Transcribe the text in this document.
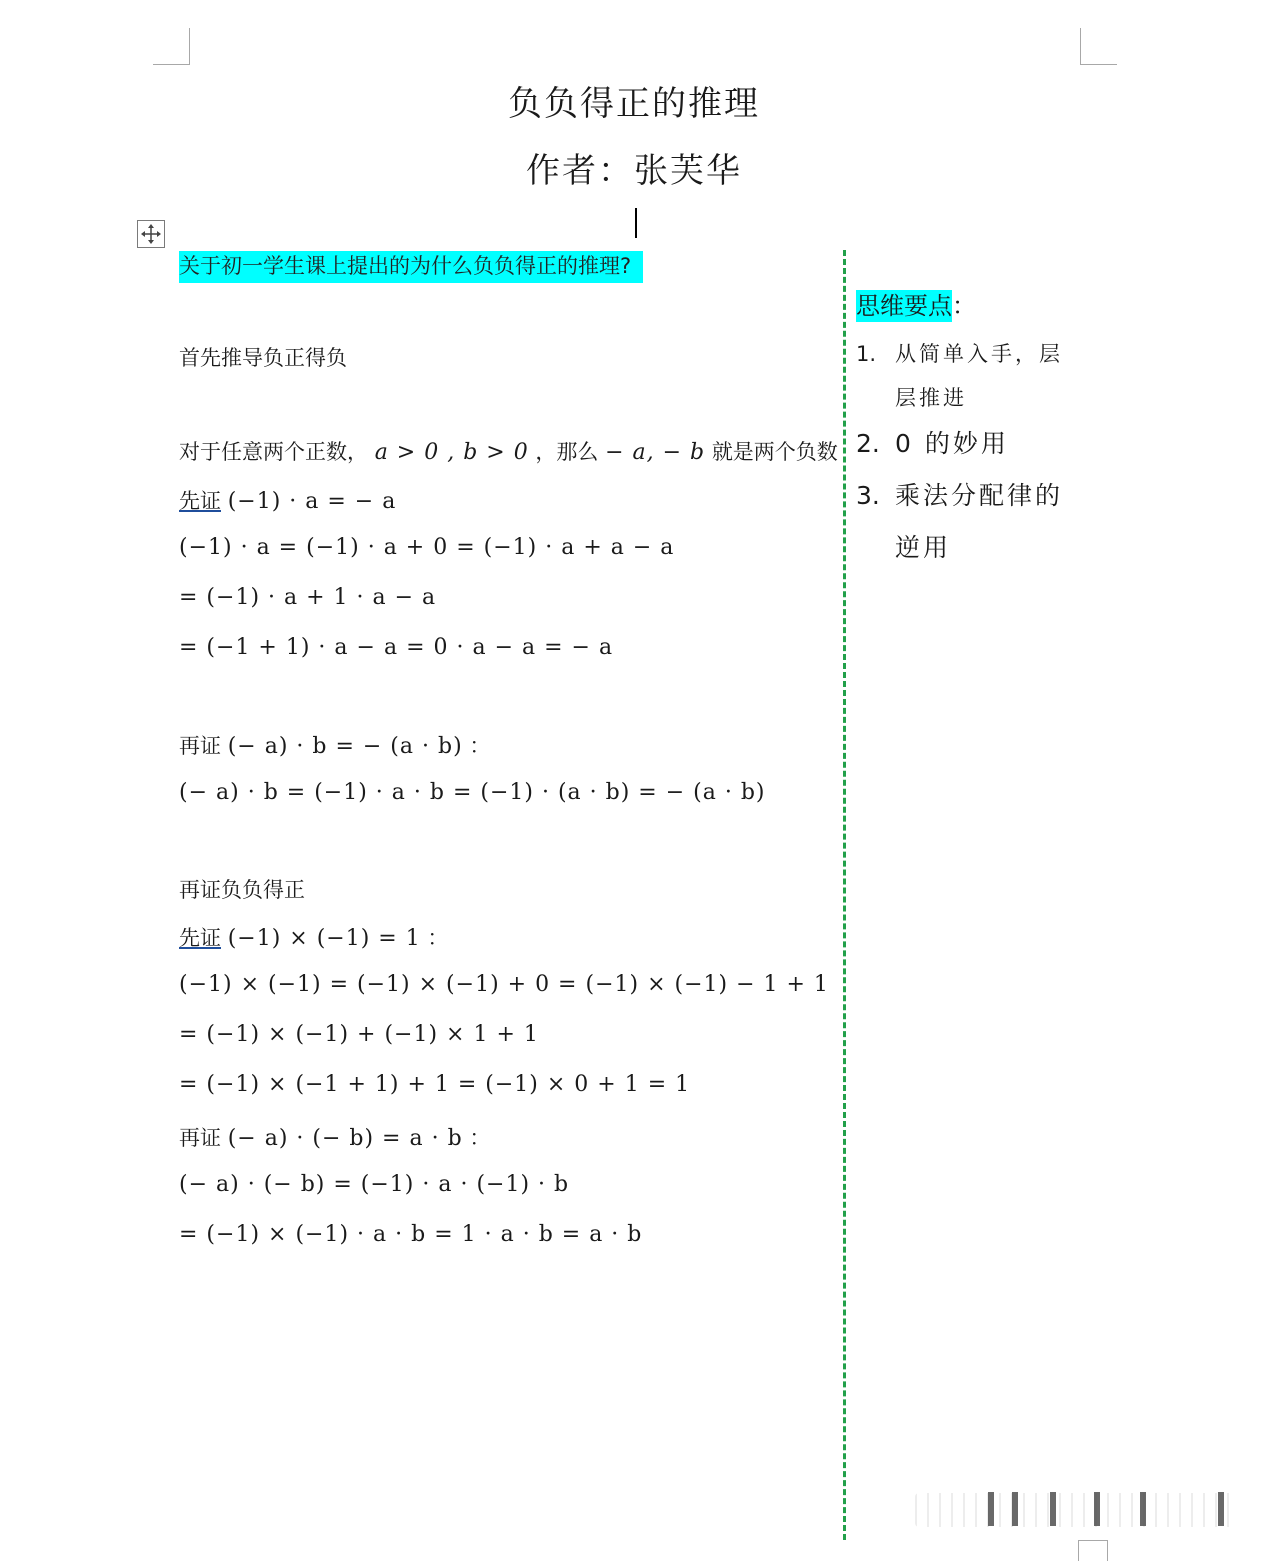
负负得正的推理
作者：张芙华
关于初一学生课上提出的为什么负负得正的推理?
首先推导负正得负
对于任意两个正数， a > 0 , b > 0 ，那么 − a, − b 就是两个负数
先证 (−1) · a = − a
(−1) · a = (−1) · a + 0 = (−1) · a + a − a
= (−1) · a + 1 · a − a
= (−1 + 1) · a − a = 0 · a − a = − a
再证 (− a) · b = − (a · b) ：
(− a) · b = (−1) · a · b = (−1) · (a · b) = − (a · b)
再证负负得正
先证 (−1) × (−1) = 1 ：
(−1) × (−1) = (−1) × (−1) + 0 = (−1) × (−1) − 1 + 1
= (−1) × (−1) + (−1) × 1 + 1
= (−1) × (−1 + 1) + 1 = (−1) × 0 + 1 = 1
再证 (− a) · (− b) = a · b ：
(− a) · (− b) = (−1) · a · (−1) · b
= (−1) × (−1) · a · b = 1 · a · b = a · b
思维要点：
1. 从简单入手，层层推进
2. 0 的妙用
3. 乘法分配律的逆用
